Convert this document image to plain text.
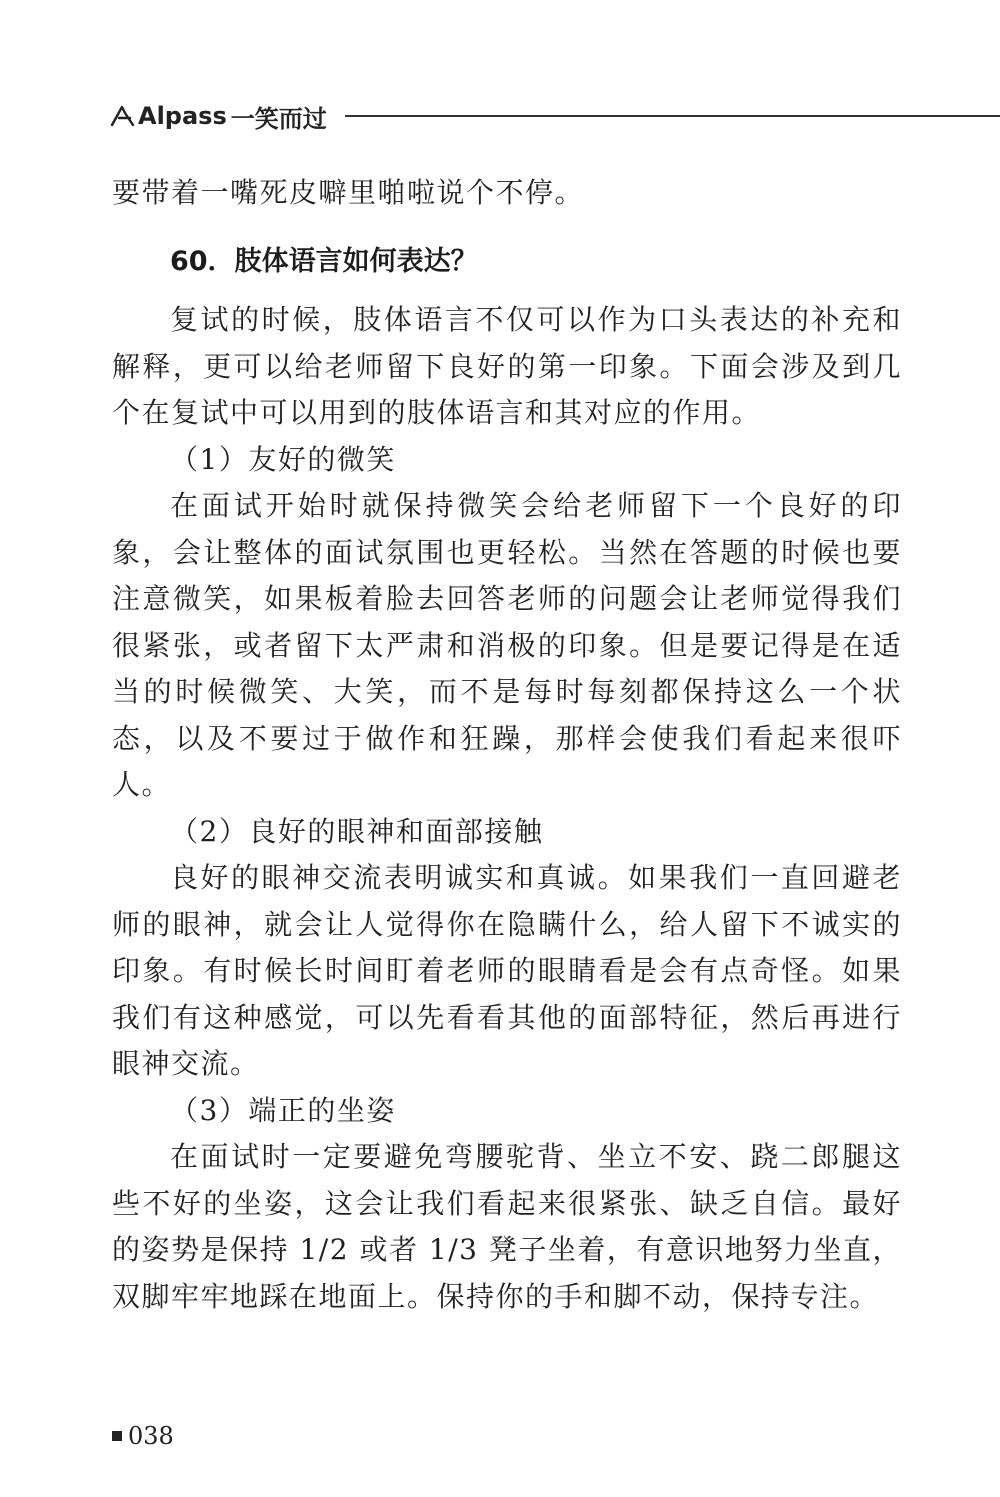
Alpass 一笑而过

要带着一嘴死皮噼里啪啦说个不停。

60．肢体语言如何表达？

复试的时候，肢体语言不仅可以作为口头表达的补充和解释，更可以给老师留下良好的第一印象。下面会涉及到几个在复试中可以用到的肢体语言和其对应的作用。

（1）友好的微笑

在面试开始时就保持微笑会给老师留下一个良好的印象，会让整体的面试氛围也更轻松。当然在答题的时候也要注意微笑，如果板着脸去回答老师的问题会让老师觉得我们很紧张，或者留下太严肃和消极的印象。但是要记得是在适当的时候微笑、大笑，而不是每时每刻都保持这么一个状态，以及不要过于做作和狂躁，那样会使我们看起来很吓人。

（2）良好的眼神和面部接触

良好的眼神交流表明诚实和真诚。如果我们一直回避老师的眼神，就会让人觉得你在隐瞒什么，给人留下不诚实的印象。有时候长时间盯着老师的眼睛看是会有点奇怪。如果我们有这种感觉，可以先看看其他的面部特征，然后再进行眼神交流。

（3）端正的坐姿

在面试时一定要避免弯腰驼背、坐立不安、跷二郎腿这些不好的坐姿，这会让我们看起来很紧张、缺乏自信。最好的姿势是保持 1/2 或者 1/3 凳子坐着，有意识地努力坐直，双脚牢牢地踩在地面上。保持你的手和脚不动，保持专注。

038
